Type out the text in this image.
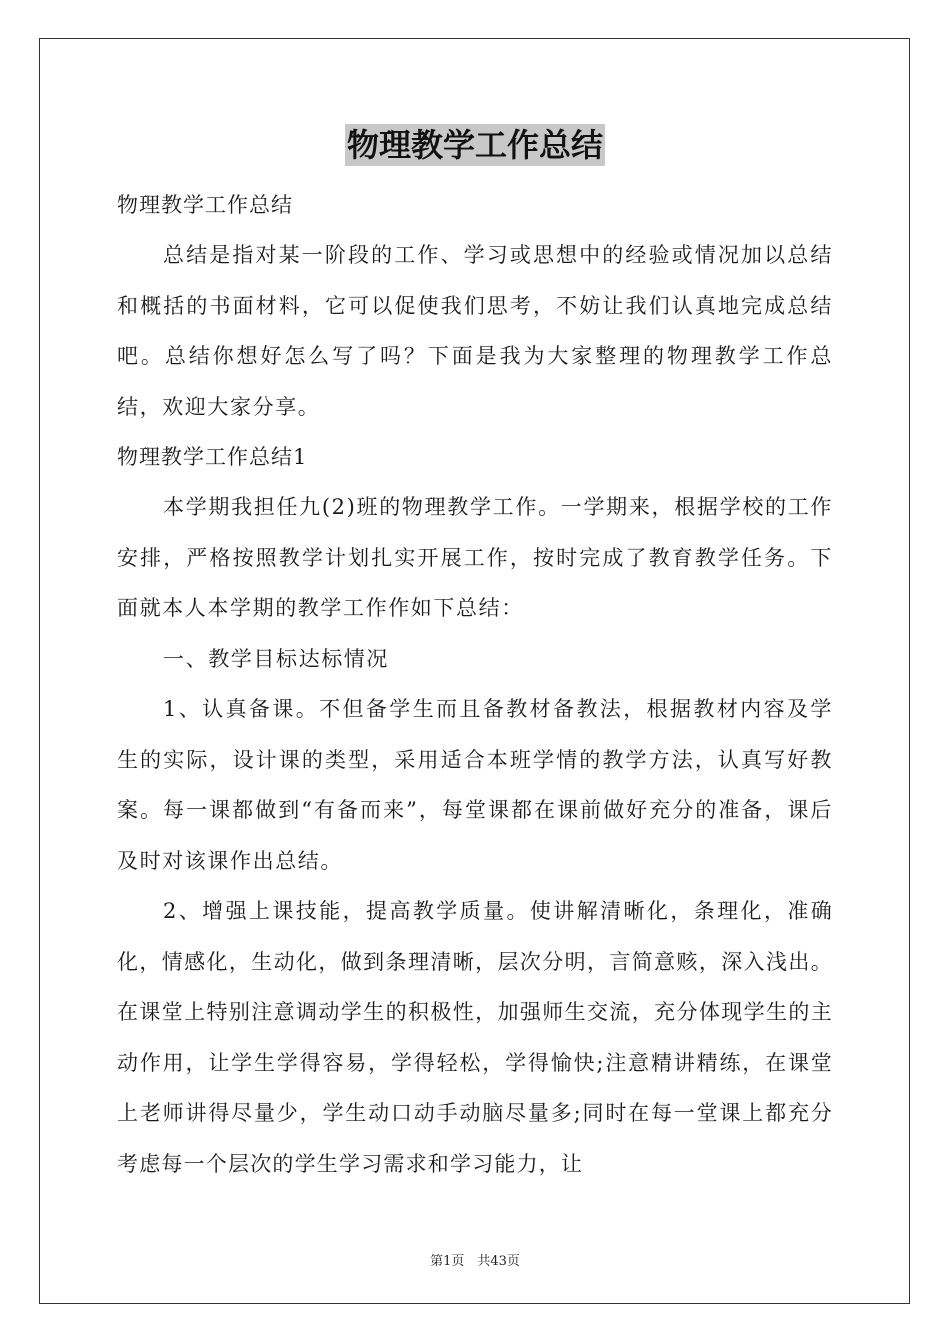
物理教学工作总结
物理教学工作总结

总结是指对某一阶段的工作、学习或思想中的经验或情况加以总结和概括的书面材料，它可以促使我们思考，不妨让我们认真地完成总结吧。总结你想好怎么写了吗？下面是我为大家整理的物理教学工作总结，欢迎大家分享。

物理教学工作总结1

本学期我担任九(2)班的物理教学工作。一学期来，根据学校的工作安排，严格按照教学计划扎实开展工作，按时完成了教育教学任务。下面就本人本学期的教学工作作如下总结：

一、教学目标达标情况

1、认真备课。不但备学生而且备教材备教法，根据教材内容及学生的实际，设计课的类型，采用适合本班学情的教学方法，认真写好教案。每一课都做到“有备而来”，每堂课都在课前做好充分的准备，课后及时对该课作出总结。

2、增强上课技能，提高教学质量。使讲解清晰化，条理化，准确化，情感化，生动化，做到条理清晰，层次分明，言简意赅，深入浅出。在课堂上特别注意调动学生的积极性，加强师生交流，充分体现学生的主动作用，让学生学得容易，学得轻松，学得愉快;注意精讲精练，在课堂上老师讲得尽量少，学生动口动手动脑尽量多;同时在每一堂课上都充分考虑每一个层次的学生学习需求和学习能力，让

第1页　共43页
